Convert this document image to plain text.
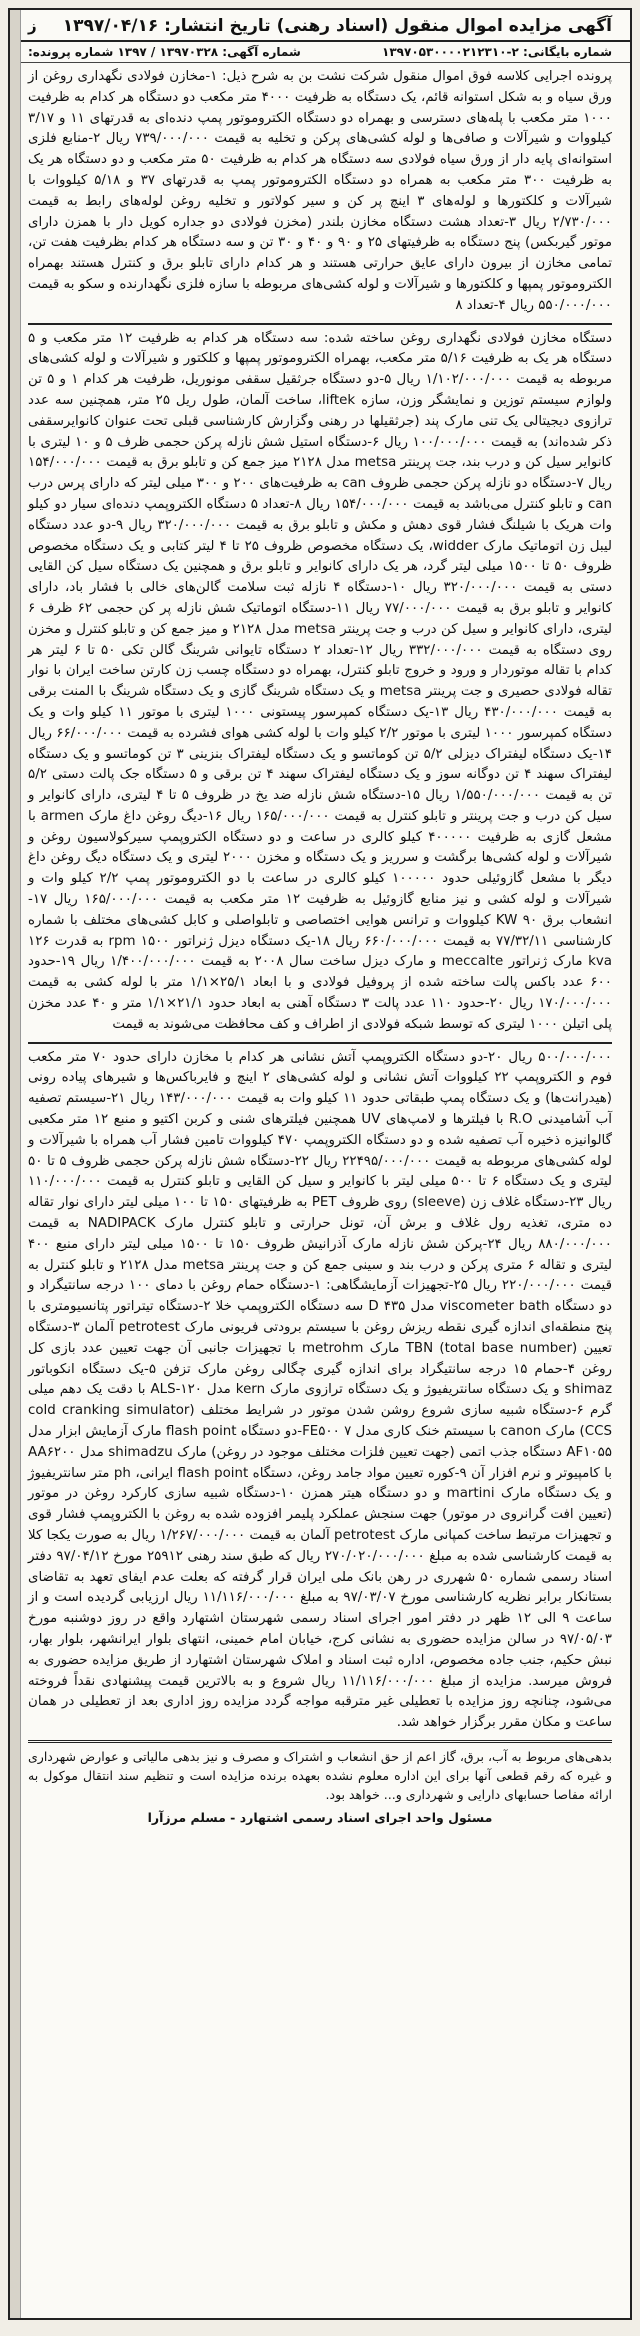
آگهی مزایده اموال منقول (اسناد رهنی) تاریخ انتشار: ۱۳۹۷/۰۴/۱۶
ز
شماره بایگانی: ۲-۱۳۹۷۰۵۳۰۰۰۰۲۱۲۳۱۰
شماره آگهی: ۱۳۹۷۰۳۲۸ / ۱۳۹۷ شماره پرونده:

پرونده اجرایی کلاسه فوق اموال منقول شرکت نشت بن به شرح ذیل: ۱-مخازن فولادی نگهداری روغن از ورق سیاه و به شکل استوانه قائم، یک دستگاه به ظرفیت ۴۰۰۰ متر مکعب دو دستگاه هر کدام به ظرفیت ۱۰۰۰ متر مکعب با پله‌های دسترسی و بهمراه دو دستگاه الکتروموتور پمپ دنده‌ای به قدرتهای ۱۱ و ۳/۱۷ کیلووات و شیرآلات و صافی‌ها و لوله کشی‌های پرکن و تخلیه به قیمت ۷۳۹/۰۰۰/۰۰۰ ریال ۲-منابع فلزی استوانه‌ای پایه دار از ورق سیاه فولادی سه دستگاه هر کدام به ظرفیت ۵۰ متر مکعب و دو دستگاه هر یک به ظرفیت ۳۰۰ متر مکعب به همراه دو دستگاه الکتروموتور پمپ به قدرتهای ۳۷ و ۵/۱۸ کیلووات با شیرآلات و کلکتورها و لوله‌های ۳ اینچ پر کن و سیر کولاتور و تخلیه روغن لوله‌های رابط به قیمت ۲/۷۳۰/۰۰۰ ریال ۳-تعداد هشت دستگاه مخازن بلندر (مخزن فولادی دو جداره کویل دار با همزن دارای موتور گیربکس) پنج دستگاه به ظرفیتهای ۲۵ و ۹۰ و ۴۰ و ۳۰ تن و سه دستگاه هر کدام بظرفیت هفت تن، تمامی مخازن از بیرون دارای عایق حرارتی هستند و هر کدام دارای تابلو برق و کنترل هستند بهمراه الکتروموتور پمپها و کلکتورها و شیرآلات و لوله کشی‌های مربوطه با سازه فلزی نگهدارنده و سکو به قیمت ۵۵۰/۰۰۰/۰۰۰ ریال ۴-تعداد ۸

دستگاه مخازن فولادی نگهداری روغن ساخته شده: سه دستگاه هر کدام به ظرفیت ۱۲ متر مکعب و ۵ دستگاه هر یک به ظرفیت ۵/۱۶ متر مکعب، بهمراه الکتروموتور پمپها و کلکتور و شیرآلات و لوله کشی‌های مربوطه به قیمت ۱/۱۰۲/۰۰۰/۰۰۰ ریال ۵-دو دستگاه جرثقیل سقفی مونوریل، ظرفیت هر کدام ۱ و ۵ تن ولوازم سیستم توزین و نمایشگر وزن، سازه liftek، ساخت آلمان، طول ریل ۲۵ متر، همچنین سه عدد ترازوی دیجیتالی یک تنی مارک پند (جرثقیلها در رهنی وگزارش کارشناسی قبلی تحت عنوان کانوایرسقفی ذکر شده‌اند) به قیمت ۱۰۰/۰۰۰/۰۰۰ ریال ۶-دستگاه استیل شش نازله پرکن حجمی ظرف ۵ و ۱۰ لیتری با کانوایر سیل کن و درب بند، جت پرینتر metsa مدل ۲۱۲۸ میز جمع کن و تابلو برق به قیمت ۱۵۴/۰۰۰/۰۰۰ ریال ۷-دستگاه دو نازله پرکن حجمی ظروف can به ظرفیت‌های ۲۰۰ و ۳۰۰ میلی لیتر که دارای پرس درب can و تابلو کنترل می‌باشد به قیمت ۱۵۴/۰۰۰/۰۰۰ ریال ۸-تعداد ۵ دستگاه الکتروپمپ دنده‌ای سیار دو کیلو وات هریک با شیلنگ فشار قوی دهش و مکش و تابلو برق به قیمت ۳۲۰/۰۰۰/۰۰۰ ریال ۹-دو عدد دستگاه لیبل زن اتوماتیک مارک widder، یک دستگاه مخصوص ظروف ۲۵ تا ۴ لیتر کتابی و یک دستگاه مخصوص ظروف ۵۰ تا ۱۵۰۰ میلی لیتر گرد، هر یک دارای کانوایر و تابلو برق و همچنین یک دستگاه سیل کن القایی دستی به قیمت ۳۲۰/۰۰۰/۰۰۰ ریال ۱۰-دستگاه ۴ نازله ثبت سلامت گالن‌های خالی با فشار باد، دارای کانوایر و تابلو برق به قیمت ۷۷/۰۰۰/۰۰۰ ریال ۱۱-دستگاه اتوماتیک شش نازله پر کن حجمی ۶۲ ظرف ۶ لیتری، دارای کانوایر و سیل کن درب و جت پرینتر metsa مدل ۲۱۲۸ و میز جمع کن و تابلو کنترل و مخزن روی دستگاه به قیمت ۳۳۲/۰۰۰/۰۰۰ ریال ۱۲-تعداد ۲ دستگاه تایوانی شرینگ گالن تکی ۵۰ تا ۶ لیتر هر کدام با تقاله موتوردار و ورود و خروج تابلو کنترل، بهمراه دو دستگاه چسب زن کارتن ساخت ایران با نوار تقاله فولادی حصیری و جت پرینتر metsa و یک دستگاه شرینگ گازی و یک دستگاه شرینگ با المنت برقی به قیمت ۴۳۰/۰۰۰/۰۰۰ ریال ۱۳-یک دستگاه کمپرسور پیستونی ۱۰۰۰ لیتری با موتور ۱۱ کیلو وات و یک دستگاه کمپرسور ۱۰۰۰ لیتری با موتور ۲/۲ کیلو وات با لوله کشی هوای فشرده به قیمت ۶۶/۰۰۰/۰۰۰ ریال ۱۴-یک دستگاه لیفتراک دیزلی ۵/۲ تن کوماتسو و یک دستگاه لیفتراک بنزینی ۳ تن کوماتسو و یک دستگاه لیفتراک سهند ۴ تن دوگانه سوز و یک دستگاه لیفتراک سهند ۴ تن برقی و ۵ دستگاه جک پالت دستی ۵/۲ تن به قیمت ۱/۵۵۰/۰۰۰/۰۰۰ ریال ۱۵-دستگاه شش نازله ضد یخ در ظروف ۵ تا ۴ لیتری، دارای کانوایر و سیل کن درب و جت پرینتر و تابلو کنترل به قیمت ۱۶۵/۰۰۰/۰۰۰ ریال ۱۶-دیگ روغن داغ مارک armen با مشعل گازی به ظرفیت ۴۰۰۰۰۰ کیلو کالری در ساعت و دو دستگاه الکتروپمپ سیرکولاسیون روغن و شیرآلات و لوله کشی‌ها برگشت و سرریز و یک دستگاه و مخزن ۲۰۰۰ لیتری و یک دستگاه دیگ روغن داغ دیگر با مشعل گازوئیلی حدود ۱۰۰۰۰۰ کیلو کالری در ساعت با دو الکتروموتور پمپ ۲/۲ کیلو وات و شیرآلات و لوله کشی و نیز منابع گازوئیل به ظرفیت ۱۲ متر مکعب به قیمت ۱۶۵/۰۰۰/۰۰۰ ریال ۱۷-انشعاب برق ۹۰ KW کیلووات و ترانس هوایی اختصاصی و تابلواصلی و کابل کشی‌های مختلف با شماره کارشناسی ۷۷/۳۲/۱۱ به قیمت ۶۶۰/۰۰۰/۰۰۰ ریال ۱۸-یک دستگاه دیزل ژنراتور ۱۵۰۰ rpm به قدرت ۱۲۶ kva مارک ژنراتور meccalte و مارک دیزل ساخت سال ۲۰۰۸ به قیمت ۱/۴۰۰/۰۰۰/۰۰۰ ریال ۱۹-حدود ۶۰۰ عدد باکس پالت ساخته شده از پروفیل فولادی و با ابعاد ۲۵/۱×۱/۱ متر با لوله کشی به قیمت ۱۷۰/۰۰۰/۰۰۰ ریال ۲۰-حدود ۱۱۰ عدد پالت ۳ دستگاه آهنی به ابعاد حدود ۲۱/۱×۱/۱ متر و ۴۰ عدد مخزن پلی اتیلن ۱۰۰۰ لیتری که توسط شبکه فولادی از اطراف و کف محافظت می‌شوند به قیمت

۵۰۰/۰۰۰/۰۰۰ ریال ۲۰-دو دستگاه الکتروپمپ آتش نشانی هر کدام با مخازن دارای حدود ۷۰ متر مکعب فوم و الکتروپمپ ۲۲ کیلووات آتش نشانی و لوله کشی‌های ۲ اینچ و فایرباکس‌ها و شیرهای پیاده رونی (هیدرانت‌ها) و یک دستگاه پمپ طبقاتی حدود ۱۱ کیلو وات به قیمت ۱۴۳/۰۰۰/۰۰۰ ریال ۲۱-سیستم تصفیه آب آشامیدنی R.O با فیلترها و لامپ‌های UV همچنین فیلترهای شنی و کربن اکتیو و منبع ۱۲ متر مکعبی گالوانیزه ذخیره آب تصفیه شده و دو دستگاه الکتروپمپ ۴۷۰ کیلووات تامین فشار آب همراه با شیرآلات و لوله کشی‌های مربوطه به قیمت ۲۲۴۹۵/۰۰۰/۰۰۰ ریال ۲۲-دستگاه شش نازله پرکن حجمی ظروف ۵ تا ۵۰ لیتری و یک دستگاه ۶ تا ۵۰۰ میلی لیتر با کانوایر و سیل کن القایی و تابلو کنترل به قیمت ۱۱۰/۰۰۰/۰۰۰ ریال ۲۳-دستگاه غلاف زن (sleeve) روی ظروف PET به ظرفیتهای ۱۵۰ تا ۱۰۰ میلی لیتر دارای نوار تقاله ده متری، تغذیه رول غلاف و برش آن، تونل حرارتی و تابلو کنترل مارک NADIPACK به قیمت ۸۸۰/۰۰۰/۰۰۰ ریال ۲۴-پرکن شش نازله مارک آذرانیش ظروف ۱۵۰ تا ۱۵۰۰ میلی لیتر دارای منبع ۴۰۰ لیتری و تقاله ۶ متری پرکن و درب بند و سینی جمع کن و جت پرینتر metsa مدل ۲۱۲۸ و تابلو کنترل به قیمت ۲۲۰/۰۰۰/۰۰۰ ریال ۲۵-تجهیزات آزمایشگاهی: ۱-دستگاه حمام روغن با دمای ۱۰۰ درجه سانتیگراد و دو دستگاه viscometer bath مدل ۴۳۵ D سه دستگاه الکتروپمپ خلا ۲-دستگاه تیتراتور پتانسیومتری با پنج منطقه‌ای اندازه گیری نقطه ریزش روغن با سیستم برودتی فریونی مارک petrotest آلمان ۳-دستگاه تعیین (TBN (total base number مارک metrohm با تجهیزات جانبی آن جهت تعیین عدد بازی کل روغن ۴-حمام ۱۵ درجه سانتیگراد برای اندازه گیری چگالی روغن مارک تزفن ۵-یک دستگاه انکوباتور shimaz و یک دستگاه سانتریفیوژ و یک دستگاه ترازوی مارک kern مدل ALS-۱۲۰ با دقت یک دهم میلی گرم ۶-دستگاه شبیه سازی شروع روشن شدن موتور در شرایط مختلف (cold cranking simulator (CCS مارک canon با سیستم خنک کاری مدل FE۵۰۰ ۷-دو دستگاه flash point مارک آزمایش ابزار مدل AF۱۰۵۵ دستگاه جذب اتمی (جهت تعیین فلزات مختلف موجود در روغن) مارک shimadzu مدل AA۶۲۰۰ با کامپیوتر و نرم افزار آن ۹-کوره تعیین مواد جامد روغن، دستگاه flash point ایرانی، ph متر سانتریفیوژ و یک دستگاه مارک martini و دو دستگاه هیتر همزن ۱۰-دستگاه شبیه سازی کارکرد روغن در موتور (تعیین افت گرانروی در موتور) جهت سنجش عملکرد پلیمر افزوده شده به روغن با الکتروپمپ فشار قوی و تجهیزات مرتبط ساخت کمپانی مارک petrotest آلمان به قیمت ۱/۲۶۷/۰۰۰/۰۰۰ ریال به صورت یکجا کلا به قیمت کارشناسی شده به مبلغ ۲۷۰/۰۲۰/۰۰۰/۰۰۰ ریال که طبق سند رهنی ۲۵۹۱۲ مورخ ۹۷/۰۴/۱۲ دفتر اسناد رسمی شماره ۵۰ شهرری در رهن بانک ملی ایران قرار گرفته که بعلت عدم ایفای تعهد به تقاضای بستانکار برابر نظریه کارشناسی مورخ ۹۷/۰۳/۰۷ به مبلغ ۱۱/۱۱۶/۰۰۰/۰۰۰ ریال ارزیابی گردیده است و از ساعت ۹ الی ۱۲ ظهر در دفتر امور اجرای اسناد رسمی شهرستان اشتهارد واقع در روز دوشنبه مورخ ۹۷/۰۵/۰۳ در سالن مزایده حضوری به نشانی کرج، خیابان امام خمینی، انتهای بلوار ایرانشهر، بلوار بهار، نبش حکیم، جنب جاده مخصوص، اداره ثبت اسناد و املاک شهرستان اشتهارد از طریق مزایده حضوری به فروش میرسد. مزایده از مبلغ ۱۱/۱۱۶/۰۰۰/۰۰۰ ریال شروع و به بالاترین قیمت پیشنهادی نقداً فروخته می‌شود، چنانچه روز مزایده با تعطیلی غیر مترقبه مواجه گردد مزایده روز اداری بعد از تعطیلی در همان ساعت و مکان مقرر برگزار خواهد شد.

بدهی‌های مربوط به آب، برق، گاز اعم از حق انشعاب و اشتراک و مصرف و نیز بدهی مالیاتی و عوارض شهرداری و غیره که رقم قطعی آنها برای این اداره معلوم نشده بعهده برنده مزایده است و تنظیم سند انتقال موکول به ارائه مفاصا حسابهای دارایی و شهرداری و... خواهد بود.
مسئول واحد اجرای اسناد رسمی اشتهارد - مسلم مرزآرا
